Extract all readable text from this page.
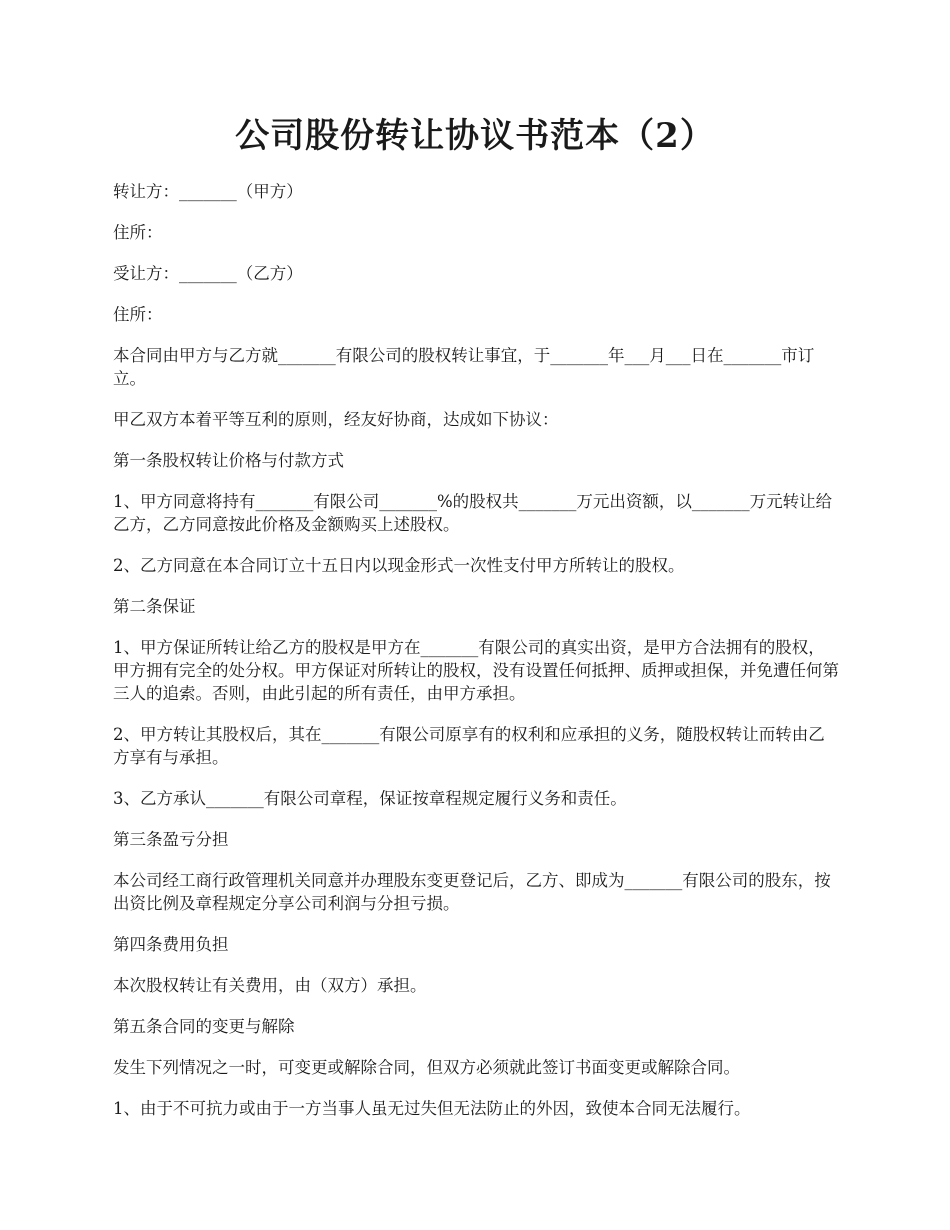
公司股份转让协议书范本（2）

转让方：_______（甲方）

住所：

受让方：_______（乙方）

住所：

本合同由甲方与乙方就_______有限公司的股权转让事宜，于_______年___月___日在_______市订立。

甲乙双方本着平等互利的原则，经友好协商，达成如下协议：

第一条股权转让价格与付款方式

1、甲方同意将持有_______有限公司_______%的股权共_______万元出资额，以_______万元转让给乙方，乙方同意按此价格及金额购买上述股权。

2、乙方同意在本合同订立十五日内以现金形式一次性支付甲方所转让的股权。

第二条保证

1、甲方保证所转让给乙方的股权是甲方在_______有限公司的真实出资，是甲方合法拥有的股权，甲方拥有完全的处分权。甲方保证对所转让的股权，没有设置任何抵押、质押或担保，并免遭任何第三人的追索。否则，由此引起的所有责任，由甲方承担。

2、甲方转让其股权后，其在_______有限公司原享有的权利和应承担的义务，随股权转让而转由乙方享有与承担。

3、乙方承认_______有限公司章程，保证按章程规定履行义务和责任。

第三条盈亏分担

本公司经工商行政管理机关同意并办理股东变更登记后，乙方、即成为_______有限公司的股东，按出资比例及章程规定分享公司利润与分担亏损。

第四条费用负担

本次股权转让有关费用，由（双方）承担。

第五条合同的变更与解除

发生下列情况之一时，可变更或解除合同，但双方必须就此签订书面变更或解除合同。

1、由于不可抗力或由于一方当事人虽无过失但无法防止的外因，致使本合同无法履行。
